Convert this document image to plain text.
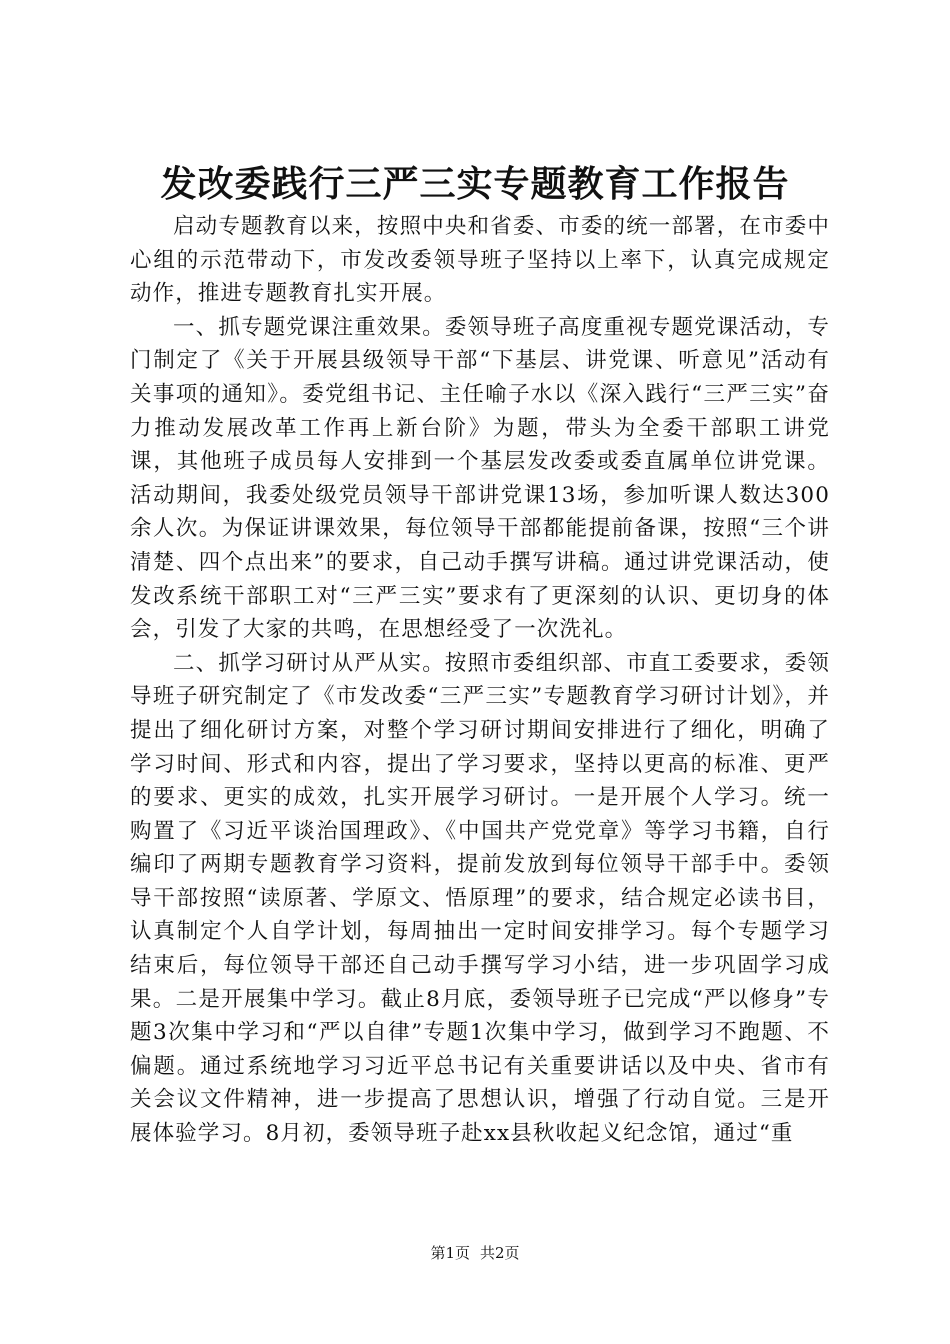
发改委践行三严三实专题教育工作报告

启动专题教育以来，按照中央和省委、市委的统一部署，在市委中心组的示范带动下，市发改委领导班子坚持以上率下，认真完成规定动作，推进专题教育扎实开展。

一、抓专题党课注重效果。委领导班子高度重视专题党课活动，专门制定了《关于开展县级领导干部“下基层、讲党课、听意见”活动有关事项的通知》。委党组书记、主任喻子水以《深入践行“三严三实”奋力推动发展改革工作再上新台阶》为题，带头为全委干部职工讲党课，其他班子成员每人安排到一个基层发改委或委直属单位讲党课。活动期间，我委处级党员领导干部讲党课13场，参加听课人数达300余人次。为保证讲课效果，每位领导干部都能提前备课，按照“三个讲清楚、四个点出来”的要求，自己动手撰写讲稿。通过讲党课活动，使发改系统干部职工对“三严三实”要求有了更深刻的认识、更切身的体会，引发了大家的共鸣，在思想经受了一次洗礼。

二、抓学习研讨从严从实。按照市委组织部、市直工委要求，委领导班子研究制定了《市发改委“三严三实”专题教育学习研讨计划》，并提出了细化研讨方案，对整个学习研讨期间安排进行了细化，明确了学习时间、形式和内容，提出了学习要求，坚持以更高的标准、更严的要求、更实的成效，扎实开展学习研讨。一是开展个人学习。统一购置了《习近平谈治国理政》、《中国共产党党章》等学习书籍，自行编印了两期专题教育学习资料，提前发放到每位领导干部手中。委领导干部按照“读原著、学原文、悟原理”的要求，结合规定必读书目，认真制定个人自学计划，每周抽出一定时间安排学习。每个专题学习结束后，每位领导干部还自己动手撰写学习小结，进一步巩固学习成果。二是开展集中学习。截止8月底，委领导班子已完成“严以修身”专题3次集中学习和“严以自律”专题1次集中学习，做到学习不跑题、不偏题。通过系统地学习习近平总书记有关重要讲话以及中央、省市有关会议文件精神，进一步提高了思想认识，增强了行动自觉。三是开展体验学习。8月初，委领导班子赴xx县秋收起义纪念馆，通过“重

第1页 共2页
